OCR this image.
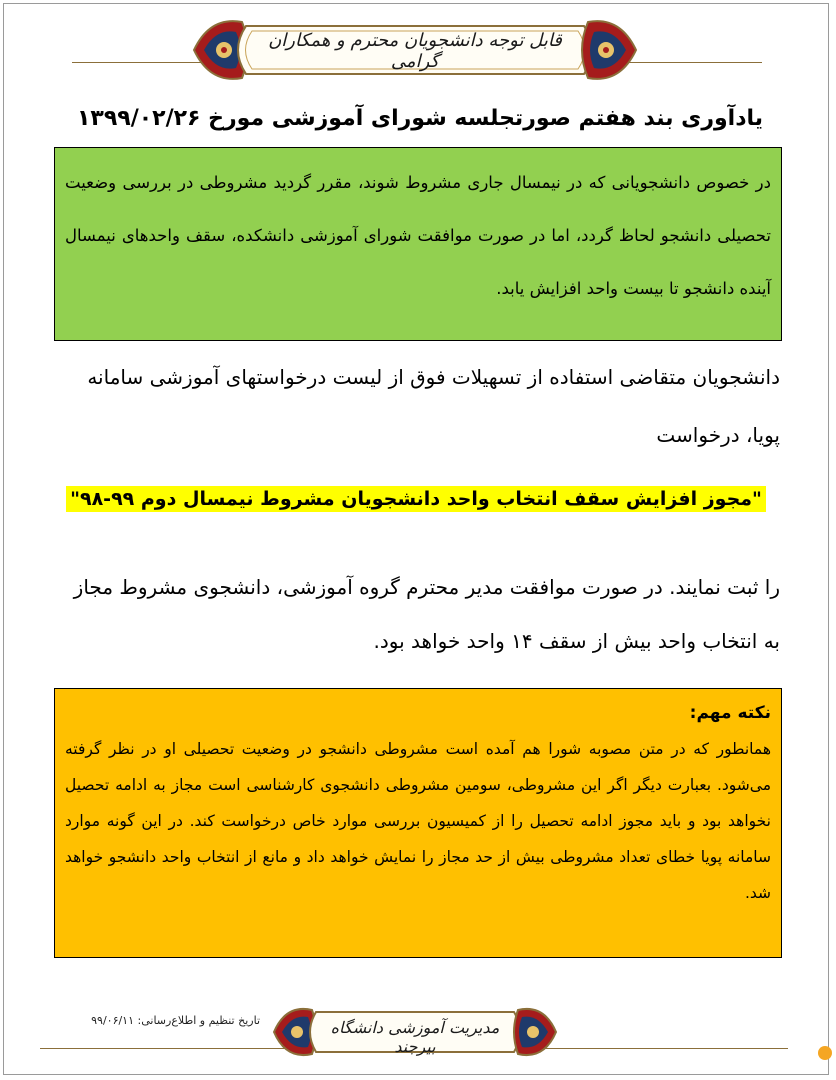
قابل توجه دانشجویان محترم و همکاران گرامی
یادآوری بند هفتم صورتجلسه شورای آموزشی مورخ ۱۳۹۹/۰۲/۲۶
در خصوص دانشجویانی که در نیمسال جاری مشروط شوند، مقرر گردید مشروطی در بررسی وضعیت تحصیلی دانشجو لحاظ گردد، اما در صورت موافقت شورای آموزشی دانشکده، سقف واحدهای نیمسال آینده دانشجو تا بیست واحد افزایش یابد.
دانشجویان متقاضی استفاده از تسهیلات فوق از لیست درخواستهای آموزشی سامانه پویا، درخواست
"مجوز افزایش سقف انتخاب واحد دانشجویان مشروط نیمسال دوم ۹۹-۹۸"
را ثبت نمایند. در صورت موافقت مدیر محترم گروه آموزشی، دانشجوی مشروط مجاز به انتخاب واحد بیش از سقف ۱۴ واحد خواهد بود.
نکته مهم:
همانطور که در متن مصوبه شورا هم آمده است مشروطی دانشجو در وضعیت تحصیلی او در نظر گرفته می‌شود. بعبارت دیگر اگر این مشروطی، سومین مشروطی دانشجوی کارشناسی است مجاز به ادامه تحصیل نخواهد بود و باید مجوز ادامه تحصیل را از کمیسیون بررسی موارد خاص درخواست کند. در این گونه موارد سامانه پویا خطای تعداد مشروطی بیش از حد مجاز را نمایش خواهد داد و مانع از انتخاب واحد دانشجو خواهد شد.
تاریخ تنظیم و اطلاع‌رسانی: ۹۹/۰۶/۱۱	مدیریت آموزشی دانشگاه بیرجند
